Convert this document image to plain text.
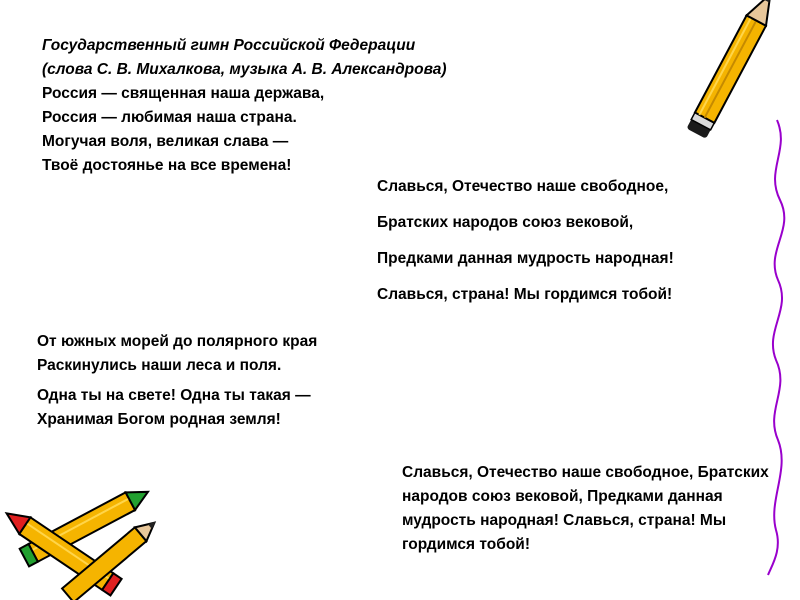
Государственный гимн Российской Федерации
(слова С. В. Михалкова, музыка А. В. Александрова)
Россия — священная наша держава,
Россия — любимая наша страна.
Могучая воля, великая слава —
Твоё достоянье на все времена!
Славься, Отечество наше свободное,
Братских народов союз вековой,
Предками данная мудрость народная!
Славься, страна! Мы гордимся тобой!
От южных морей до полярного края
Раскинулись наши леса и поля.
Одна ты на свете! Одна ты такая —
Хранимая Богом родная земля!
Славься, Отечество наше свободное, Братских народов союз вековой, Предками данная мудрость народная! Славься, страна! Мы гордимся тобой!
